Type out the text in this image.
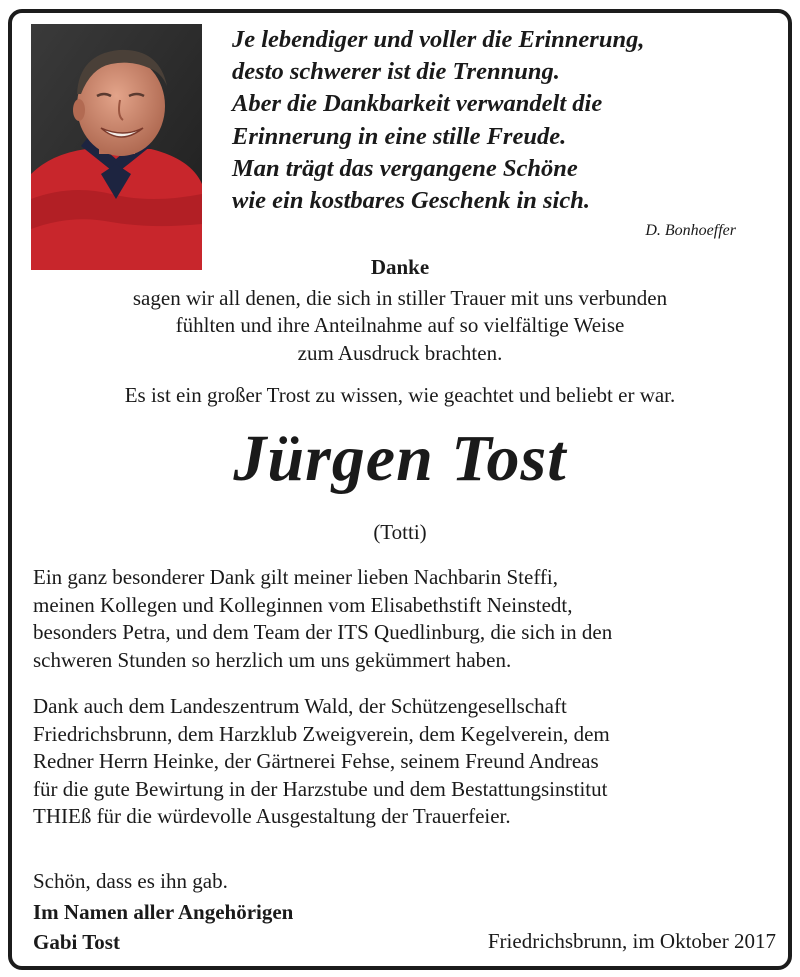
Je lebendiger und voller die Erinnerung,
desto schwerer ist die Trennung.
Aber die Dankbarkeit verwandelt die
Erinnerung in eine stille Freude.
Man trägt das vergangene Schöne
wie ein kostbares Geschenk in sich.
D. Bonhoeffer
Danke
sagen wir all denen, die sich in stiller Trauer mit uns verbunden
fühlten und ihre Anteilnahme auf so vielfältige Weise
zum Ausdruck brachten.
Es ist ein großer Trost zu wissen, wie geachtet und beliebt er war.
Jürgen Tost
(Totti)
Ein ganz besonderer Dank gilt meiner lieben Nachbarin Steffi,
meinen Kollegen und Kolleginnen vom Elisabethstift Neinstedt,
besonders Petra, und dem Team der ITS Quedlinburg, die sich in den
schweren Stunden so herzlich um uns gekümmert haben.
Dank auch dem Landeszentrum Wald, der Schützengesellschaft
Friedrichsbrunn, dem Harzklub Zweigverein, dem Kegelverein, dem
Redner Herrn Heinke, der Gärtnerei Fehse, seinem Freund Andreas
für die gute Bewirtung in der Harzstube und dem Bestattungsinstitut
THIEß für die würdevolle Ausgestaltung der Trauerfeier.
Schön, dass es ihn gab.
Im Namen aller Angehörigen
Gabi Tost	Friedrichsbrunn, im Oktober 2017
